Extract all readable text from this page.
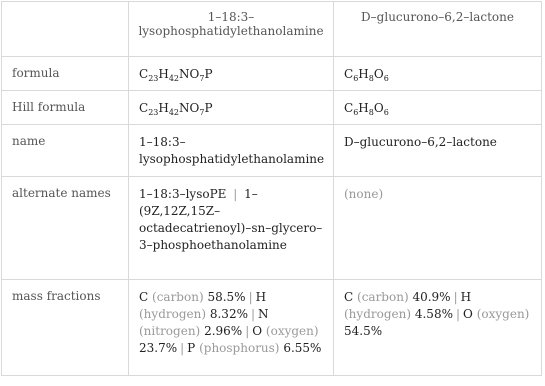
	1–18:3–lysophosphatidylethanolamine	D–glucurono–6,2–lactone
formula	$C_{23}H_{42}NO_7P$	$C_6H_8O_6$
Hill formula	$C_{23}H_{42}NO_7P$	$C_6H_8O_6$
name	1–18:3–lysophosphatidylethanolamine	D–glucurono–6,2–lactone
alternate names	1–18:3–lysoPE | 1–(9Z,12Z,15Z–octadecatrienoyl)–sn–glycero–3–phosphoethanolamine	(none)
mass fractions	C (carbon) 58.5% | H (hydrogen) 8.32% | N (nitrogen) 2.96% | O (oxygen) 23.7% | P (phosphorus) 6.55%	C (carbon) 40.9% | H (hydrogen) 4.58% | O (oxygen) 54.5%
